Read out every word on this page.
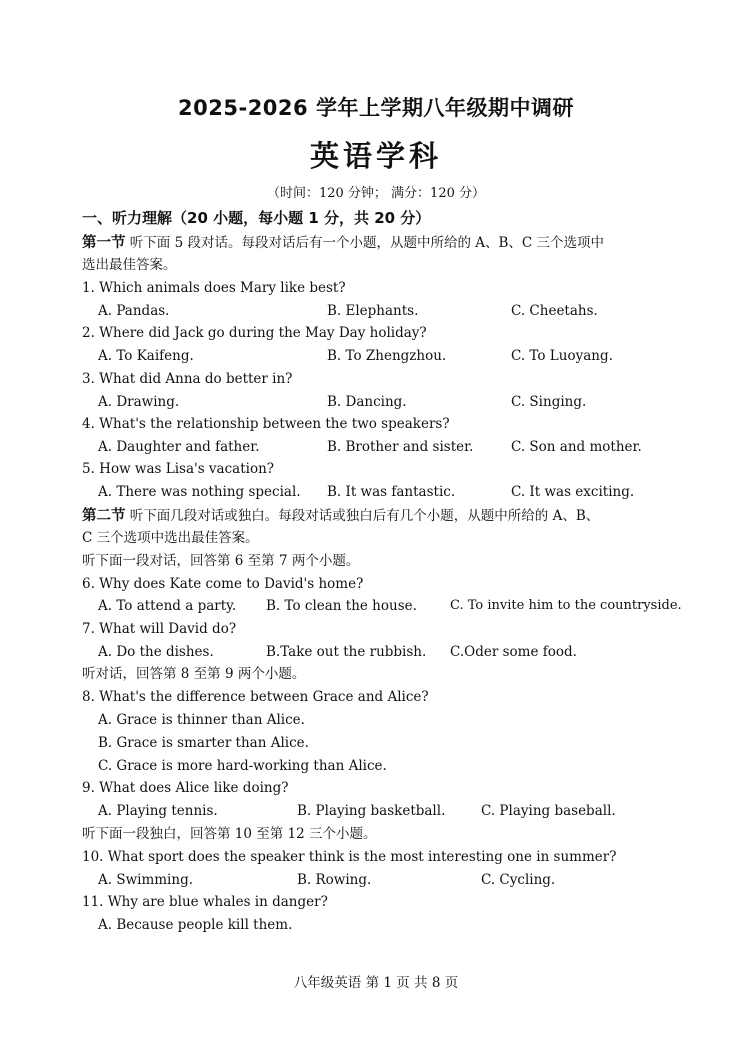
2025-2026 学年上学期八年级期中调研
英语学科
（时间：120 分钟； 满分：120 分）
一、听力理解（20 小题，每小题 1 分，共 20 分）
第一节 听下面 5 段对话。每段对话后有一个小题，从题中所给的 A、B、C 三个选项中
选出最佳答案。
1. Which animals does Mary like best?
A. Pandas.	B. Elephants.	C. Cheetahs.
2. Where did Jack go during the May Day holiday?
A. To Kaifeng.	B. To Zhengzhou.	C. To Luoyang.
3. What did Anna do better in?
A. Drawing.	B. Dancing.	C. Singing.
4. What's the relationship between the two speakers?
A. Daughter and father.	B. Brother and sister.	C. Son and mother.
5. How was Lisa's vacation?
A. There was nothing special. B. It was fantastic.	C. It was exciting.
第二节 听下面几段对话或独白。每段对话或独白后有几个小题，从题中所给的 A、B、
C 三个选项中选出最佳答案。
听下面一段对话，回答第 6 至第 7 两个小题。
6. Why does Kate come to David's home?
A. To attend a party. B. To clean the house.	C. To invite him to the countryside.
7. What will David do?
A. Do the dishes.	B.Take out the rubbish. C.Oder some food.
听对话，回答第 8 至第 9 两个小题。
8. What's the difference between Grace and Alice?
A. Grace is thinner than Alice.
B. Grace is smarter than Alice.
C. Grace is more hard-working than Alice.
9. What does Alice like doing?
A. Playing tennis.	B. Playing basketball.	C. Playing baseball.
听下面一段独白，回答第 10 至第 12 三个小题。
10. What sport does the speaker think is the most interesting one in summer?
A. Swimming.	B. Rowing.	C. Cycling.
11. Why are blue whales in danger?
A. Because people kill them.
八年级英语 第 1 页 共 8 页
